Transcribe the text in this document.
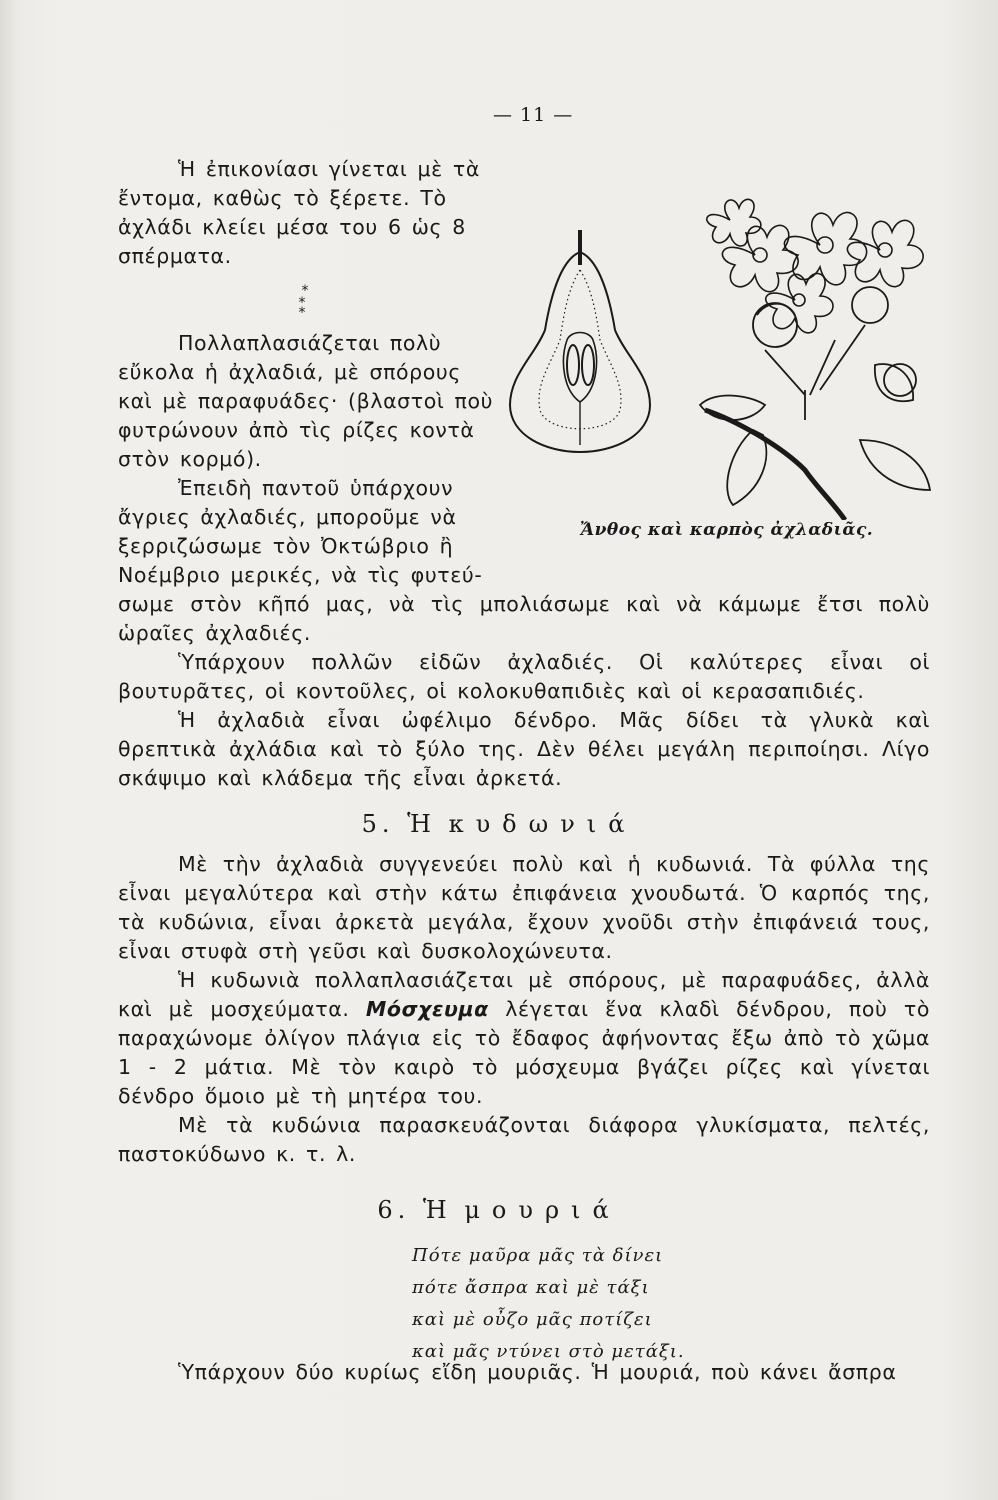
— 11 —
Ἡ ἐπικονίασι γίνεται μὲ τὰ ἔντομα, καθὼς τὸ ξέρετε. Τὸ ἀχλάδι κλείει μέσα του 6 ὡς 8 σπέρματα.
Πολλαπλασιάζεται πολὺ εὔκολα ἡ ἀχλαδιά, μὲ σπόρους καὶ μὲ παραφυάδες· (βλαστοὶ ποὺ φυτρώνουν ἀπὸ τὶς ρίζες κοντὰ στὸν κορμό).
Ἐπειδὴ παντοῦ ὑπάρχουν ἄγριες ἀχλαδιές, μποροῦμε νὰ ξερριζώσωμε τὸν Ὀκτώβριο ἢ Νοέμβριο μερικές, νὰ τὶς φυτεύ-
*
* *
Ἄνθος καὶ καρπὸς ἀχλαδιᾶς.
σωμε στὸν κῆπό μας, νὰ τὶς μπολιάσωμε καὶ νὰ κάμωμε ἔτσι πολὺ ὡραῖες ἀχλαδιές.
Ὑπάρχουν πολλῶν εἰδῶν ἀχλαδιές. Οἱ καλύτερες εἶναι οἱ βουτυρᾶτες, οἱ κοντοῦλες, οἱ κολοκυθαπιδιὲς καὶ οἱ κερασαπιδιές.
Ἡ ἀχλαδιὰ εἶναι ὠφέλιμο δένδρο. Μᾶς δίδει τὰ γλυκὰ καὶ θρεπτικὰ ἀχλάδια καὶ τὸ ξύλο της. Δὲν θέλει μεγάλη περιποίησι. Λίγο σκάψιμο καὶ κλάδεμα τῆς εἶναι ἀρκετά.
5. Ἡ κυδωνιά
Μὲ τὴν ἀχλαδιὰ συγγενεύει πολὺ καὶ ἡ κυδωνιά. Τὰ φύλλα της εἶναι μεγαλύτερα καὶ στὴν κάτω ἐπιφάνεια χνουδωτά. Ὁ καρπός της, τὰ κυδώνια, εἶναι ἀρκετὰ μεγάλα, ἔχουν χνοῦδι στὴν ἐπιφάνειά τους, εἶναι στυφὰ στὴ γεῦσι καὶ δυσκολοχώνευτα.
Ἡ κυδωνιὰ πολλαπλασιάζεται μὲ σπόρους, μὲ παραφυάδες, ἀλλὰ καὶ μὲ μοσχεύματα. Μόσχευμα λέγεται ἕνα κλαδὶ δένδρου, ποὺ τὸ παραχώνομε ὀλίγον πλάγια εἰς τὸ ἔδαφος ἀφήνοντας ἔξω ἀπὸ τὸ χῶμα 1 - 2 μάτια. Μὲ τὸν καιρὸ τὸ μόσχευμα βγάζει ρίζες καὶ γίνεται δένδρο ὅμοιο μὲ τὴ μητέρα του.
Μὲ τὰ κυδώνια παρασκευάζονται διάφορα γλυκίσματα, πελτές, παστοκύδωνο κ. τ. λ.
6. Ἡ μουριά
Πότε μαῦρα μᾶς τὰ δίνει
πότε ἄσπρα καὶ μὲ τάξι
καὶ μὲ οὖζο μᾶς ποτίζει
καὶ μᾶς ντύνει στὸ μετάξι.
Ὑπάρχουν δύο κυρίως εἴδη μουριᾶς. Ἡ μουριά, ποὺ κάνει ἄσπρα
